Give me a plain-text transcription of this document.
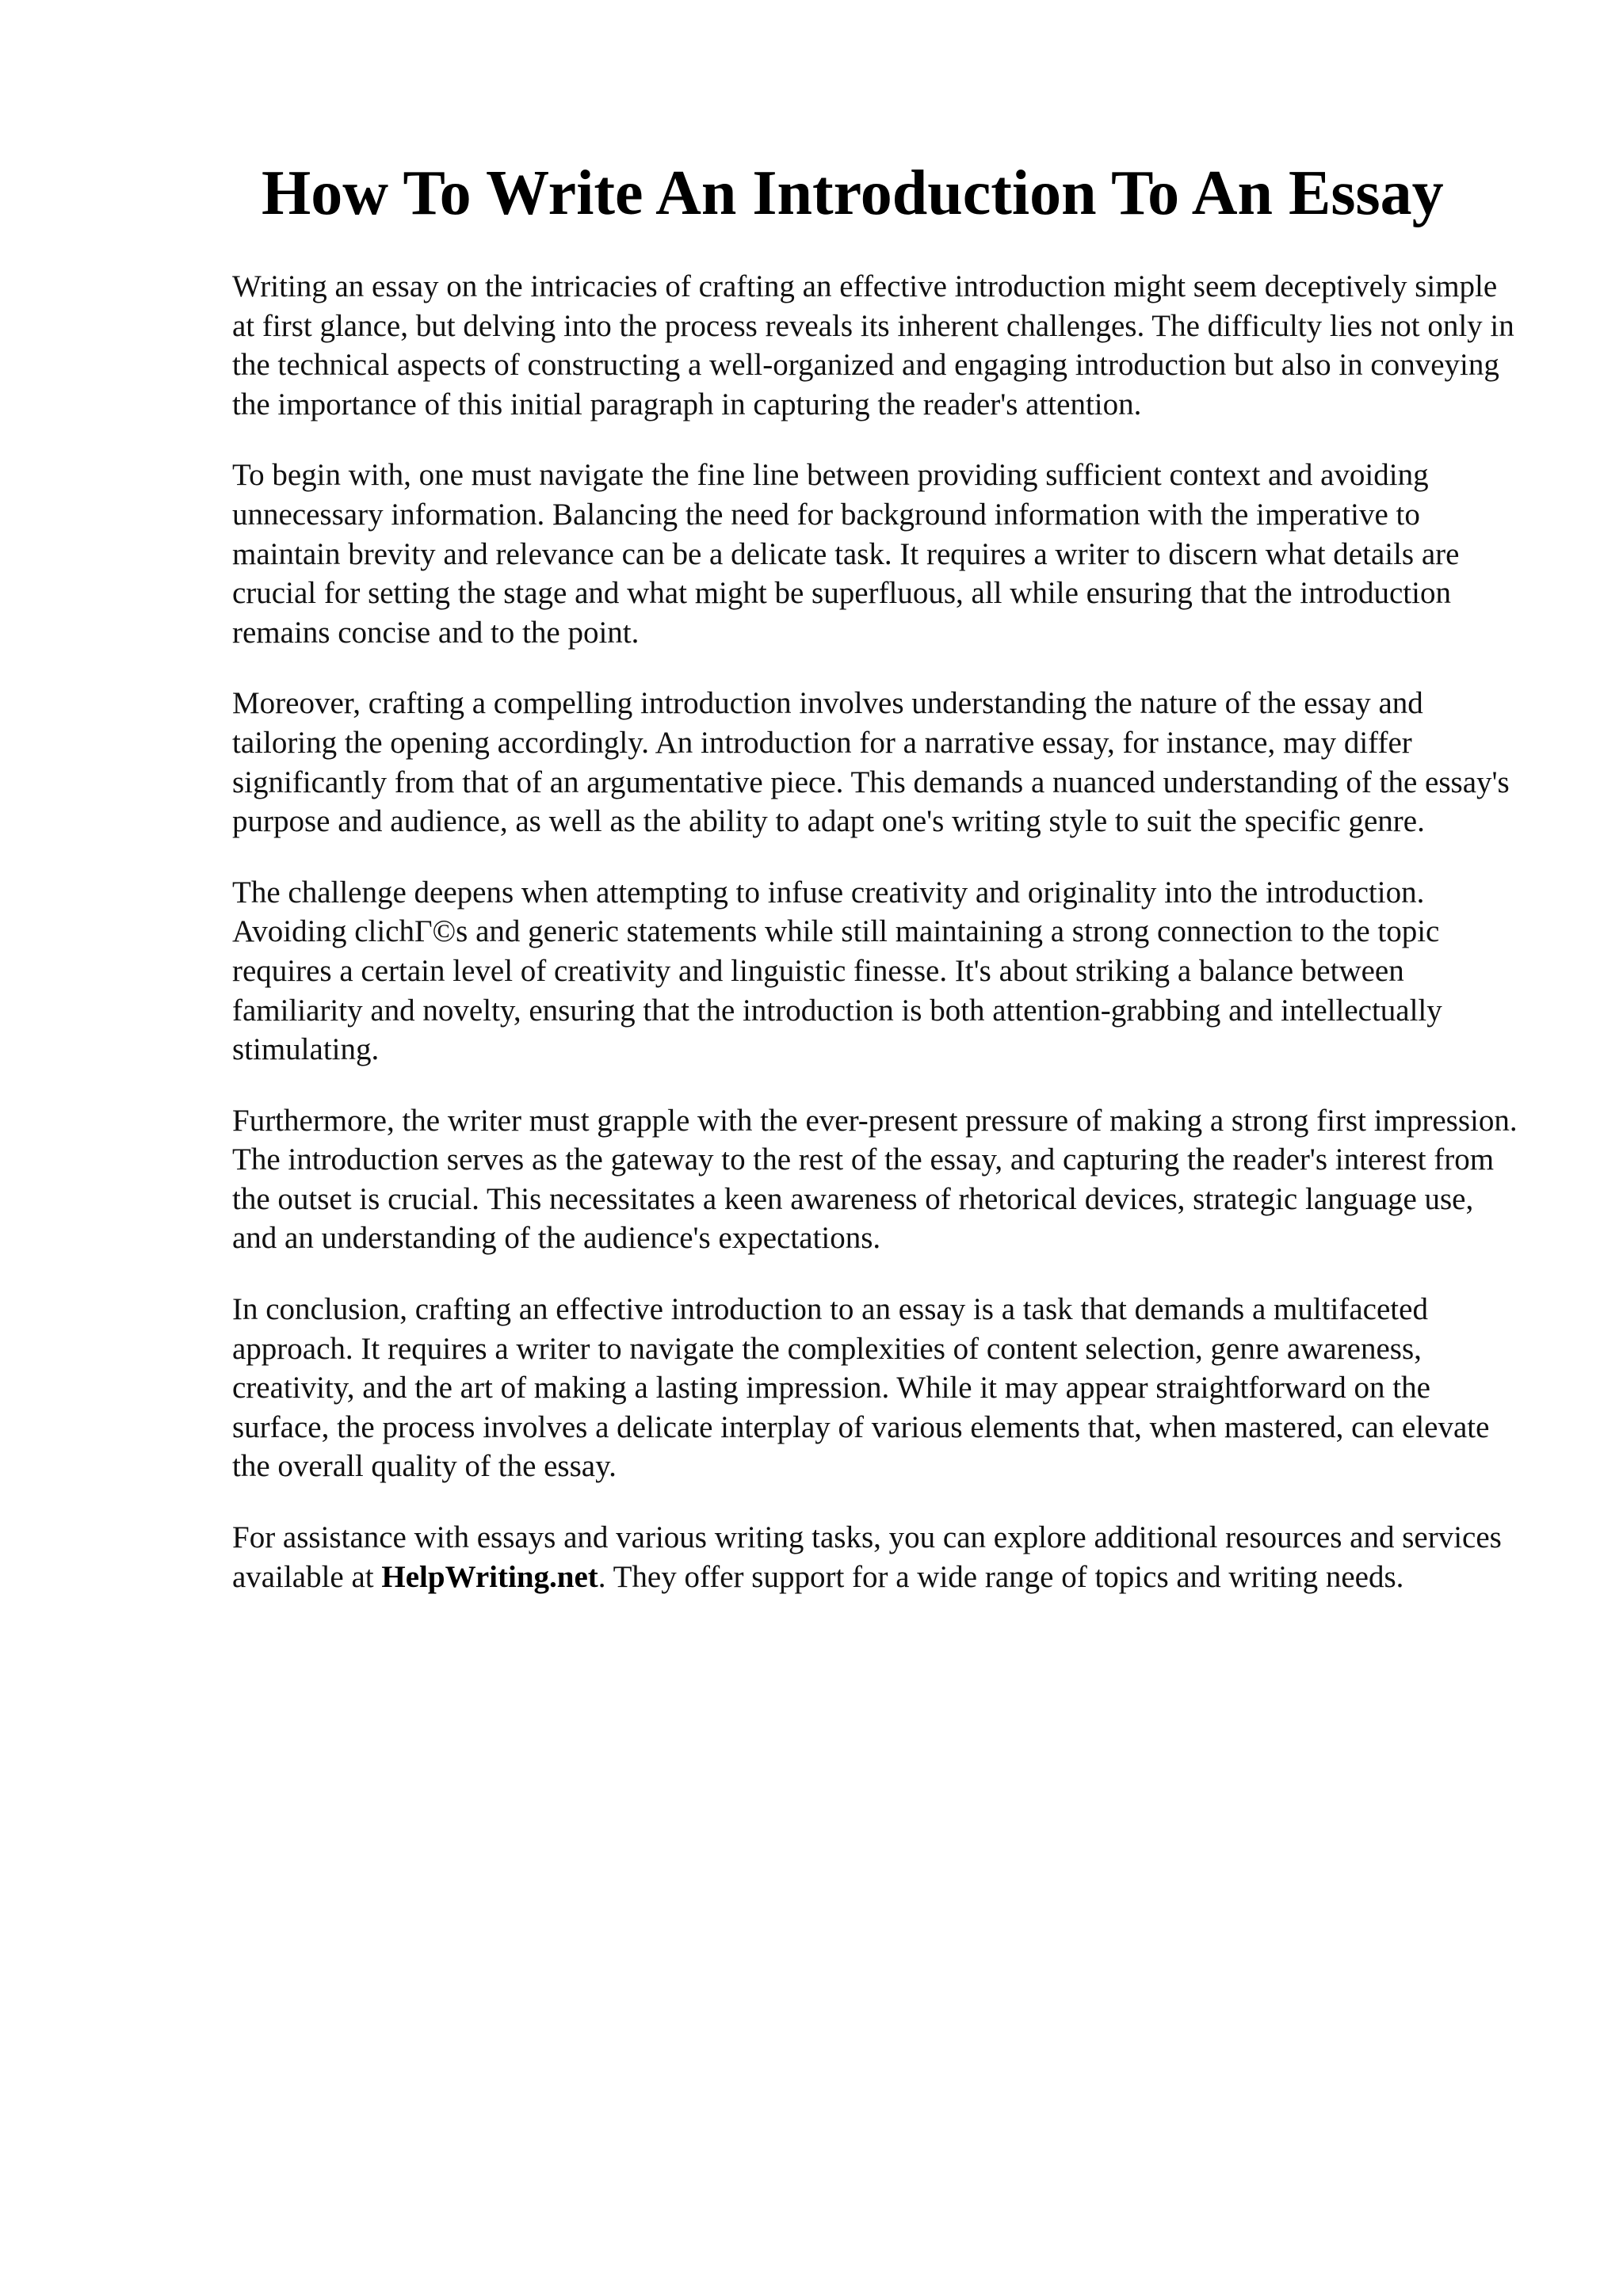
How To Write An Introduction To An Essay

Writing an essay on the intricacies of crafting an effective introduction might seem deceptively simple at first glance, but delving into the process reveals its inherent challenges. The difficulty lies not only in the technical aspects of constructing a well-organized and engaging introduction but also in conveying the importance of this initial paragraph in capturing the reader's attention.

To begin with, one must navigate the fine line between providing sufficient context and avoiding unnecessary information. Balancing the need for background information with the imperative to maintain brevity and relevance can be a delicate task. It requires a writer to discern what details are crucial for setting the stage and what might be superfluous, all while ensuring that the introduction remains concise and to the point.

Moreover, crafting a compelling introduction involves understanding the nature of the essay and tailoring the opening accordingly. An introduction for a narrative essay, for instance, may differ significantly from that of an argumentative piece. This demands a nuanced understanding of the essay's purpose and audience, as well as the ability to adapt one's writing style to suit the specific genre.

The challenge deepens when attempting to infuse creativity and originality into the introduction. Avoiding clichГ©s and generic statements while still maintaining a strong connection to the topic requires a certain level of creativity and linguistic finesse. It's about striking a balance between familiarity and novelty, ensuring that the introduction is both attention-grabbing and intellectually stimulating.

Furthermore, the writer must grapple with the ever-present pressure of making a strong first impression. The introduction serves as the gateway to the rest of the essay, and capturing the reader's interest from the outset is crucial. This necessitates a keen awareness of rhetorical devices, strategic language use, and an understanding of the audience's expectations.

In conclusion, crafting an effective introduction to an essay is a task that demands a multifaceted approach. It requires a writer to navigate the complexities of content selection, genre awareness, creativity, and the art of making a lasting impression. While it may appear straightforward on the surface, the process involves a delicate interplay of various elements that, when mastered, can elevate the overall quality of the essay.

For assistance with essays and various writing tasks, you can explore additional resources and services available at HelpWriting.net. They offer support for a wide range of topics and writing needs.
